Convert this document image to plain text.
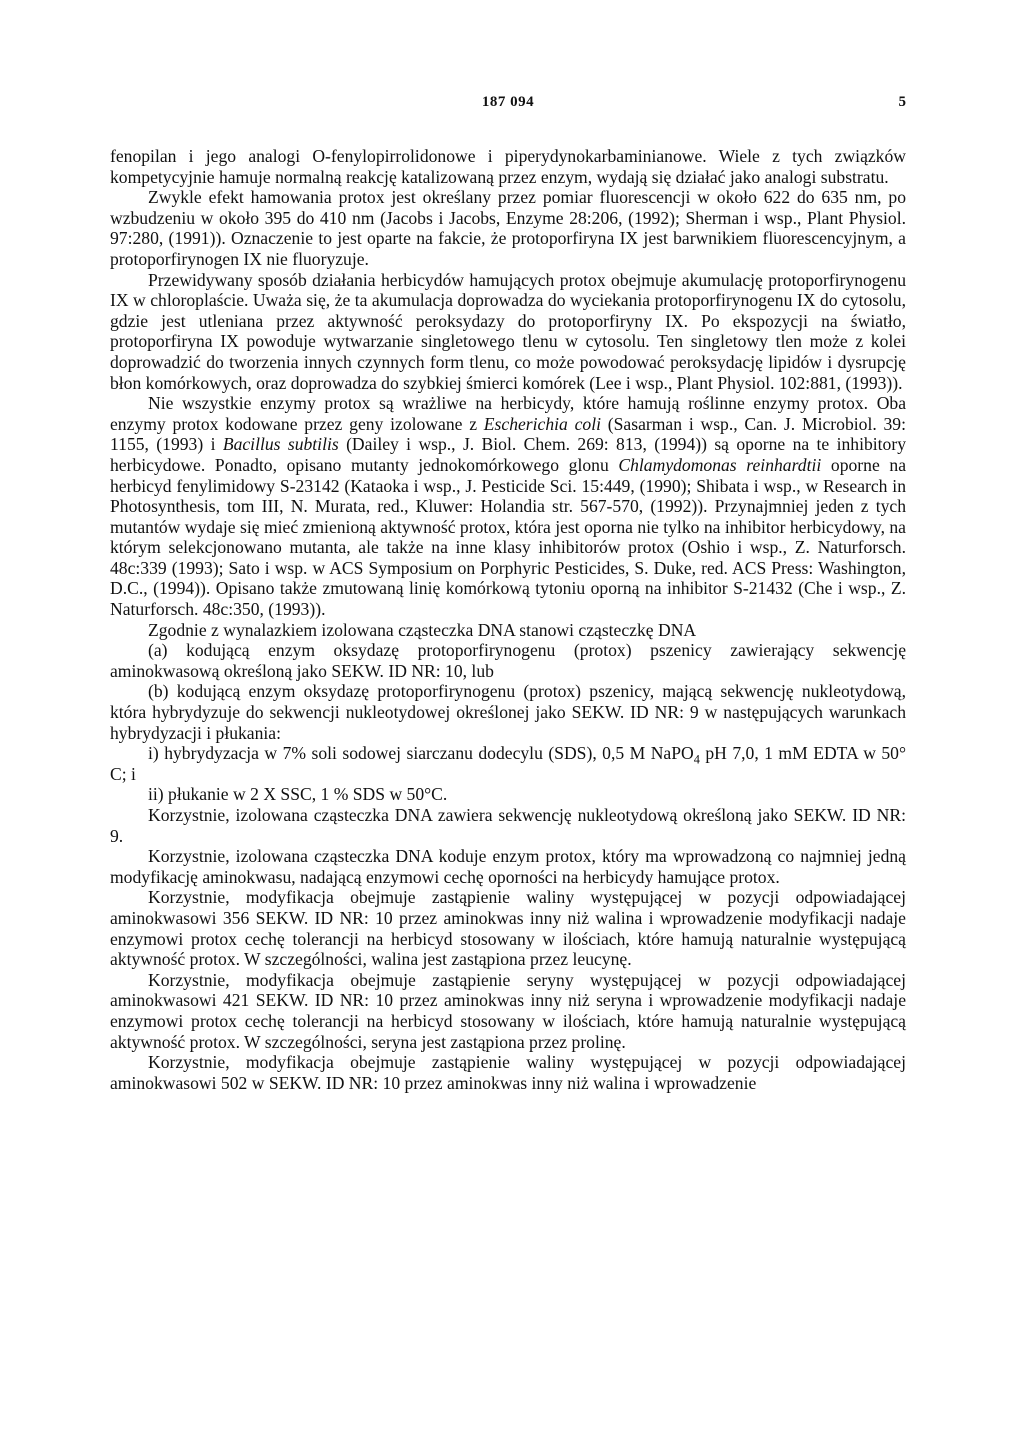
187 094	5

fenopilan i jego analogi O-fenylopirrolidonowe i piperydynokarbaminianowe. Wiele z tych związków kompetycyjnie hamuje normalną reakcję katalizowaną przez enzym, wydają się działać jako analogi substratu.

Zwykle efekt hamowania protox jest określany przez pomiar fluorescencji w około 622 do 635 nm, po wzbudzeniu w około 395 do 410 nm (Jacobs i Jacobs, Enzyme 28:206, (1992); Sherman i wsp., Plant Physiol. 97:280, (1991)). Oznaczenie to jest oparte na fakcie, że protoporfiryna IX jest barwnikiem fluorescencyjnym, a protoporfirynogen IX nie fluoryzuje.

Przewidywany sposób działania herbicydów hamujących protox obejmuje akumulację protoporfirynogenu IX w chloroplaście. Uważa się, że ta akumulacja doprowadza do wyciekania protoporfirynogenu IX do cytosolu, gdzie jest utleniana przez aktywność peroksydazy do protoporfiryny IX. Po ekspozycji na światło, protoporfiryna IX powoduje wytwarzanie singletowego tlenu w cytosolu. Ten singletowy tlen może z kolei doprowadzić do tworzenia innych czynnych form tlenu, co może powodować peroksydację lipidów i dysrupcję błon komórkowych, oraz doprowadza do szybkiej śmierci komórek (Lee i wsp., Plant Physiol. 102:881, (1993)).

Nie wszystkie enzymy protox są wrażliwe na herbicydy, które hamują roślinne enzymy protox. Oba enzymy protox kodowane przez geny izolowane z Escherichia coli (Sasarman i wsp., Can. J. Microbiol. 39: 1155, (1993) i Bacillus subtilis (Dailey i wsp., J. Biol. Chem. 269: 813, (1994)) są oporne na te inhibitory herbicydowe. Ponadto, opisano mutanty jednokomórkowego glonu Chlamydomonas reinhardtii oporne na herbicyd fenylimidowy S-23142 (Kataoka i wsp., J. Pesticide Sci. 15:449, (1990); Shibata i wsp., w Research in Photosynthesis, tom III, N. Murata, red., Kluwer: Holandia str. 567-570, (1992)). Przynajmniej jeden z tych mutantów wydaje się mieć zmienioną aktywność protox, która jest oporna nie tylko na inhibitor herbicydowy, na którym selekcjonowano mutanta, ale także na inne klasy inhibitorów protox (Oshio i wsp., Z. Naturforsch. 48c:339 (1993); Sato i wsp. w ACS Symposium on Porphyric Pesticides, S. Duke, red. ACS Press: Washington, D.C., (1994)). Opisano także zmutowaną linię komórkową tytoniu oporną na inhibitor S-21432 (Che i wsp., Z. Naturforsch. 48c:350, (1993)).

Zgodnie z wynalazkiem izolowana cząsteczka DNA stanowi cząsteczkę DNA

(a) kodującą enzym oksydazę protoporfirynogenu (protox) pszenicy zawierający sekwencję aminokwasową określoną jako SEKW. ID NR: 10, lub

(b) kodującą enzym oksydazę protoporfirynogenu (protox) pszenicy, mającą sekwencję nukleotydową, która hybrydyzuje do sekwencji nukleotydowej określonej jako SEKW. ID NR: 9 w następujących warunkach hybrydyzacji i płukania:

i) hybrydyzacja w 7% soli sodowej siarczanu dodecylu (SDS), 0,5 M NaPO$_4$ pH 7,0, 1 mM EDTA w 50° C; i

ii) płukanie w 2 X SSC, 1 % SDS w 50°C.

Korzystnie, izolowana cząsteczka DNA zawiera sekwencję nukleotydową określoną jako SEKW. ID NR: 9.

Korzystnie, izolowana cząsteczka DNA koduje enzym protox, który ma wprowadzoną co najmniej jedną modyfikację aminokwasu, nadającą enzymowi cechę oporności na herbicydy hamujące protox.

Korzystnie, modyfikacja obejmuje zastąpienie waliny występującej w pozycji odpowiadającej aminokwasowi 356 SEKW. ID NR: 10 przez aminokwas inny niż walina i wprowadzenie modyfikacji nadaje enzymowi protox cechę tolerancji na herbicyd stosowany w ilościach, które hamują naturalnie występującą aktywność protox. W szczególności, walina jest zastąpiona przez leucynę.

Korzystnie, modyfikacja obejmuje zastąpienie seryny występującej w pozycji odpowiadającej aminokwasowi 421 SEKW. ID NR: 10 przez aminokwas inny niż seryna i wprowadzenie modyfikacji nadaje enzymowi protox cechę tolerancji na herbicyd stosowany w ilościach, które hamują naturalnie występującą aktywność protox. W szczególności, seryna jest zastąpiona przez prolinę.

Korzystnie, modyfikacja obejmuje zastąpienie waliny występującej w pozycji odpowiadającej aminokwasowi 502 w SEKW. ID NR: 10 przez aminokwas inny niż walina i wprowadzenie
